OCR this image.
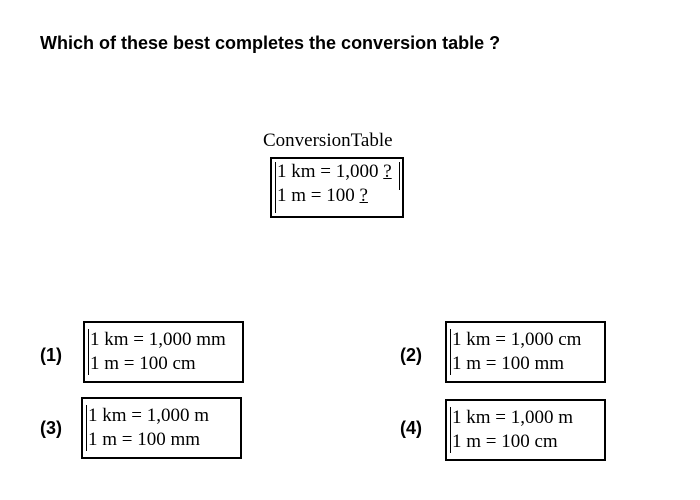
Which of these best completes the conversion table ?
ConversionTable
1 km = 1,000 ?
1 m = 100 ?
(1)
1 km = 1,000 mm
1 m = 100 cm	(2)
1 km = 1,000 cm
1 m = 100 mm
(3)
1 km = 1,000 m
1 m = 100 mm
(4) 1 km = 1,000 m
1 m = 100 cm
